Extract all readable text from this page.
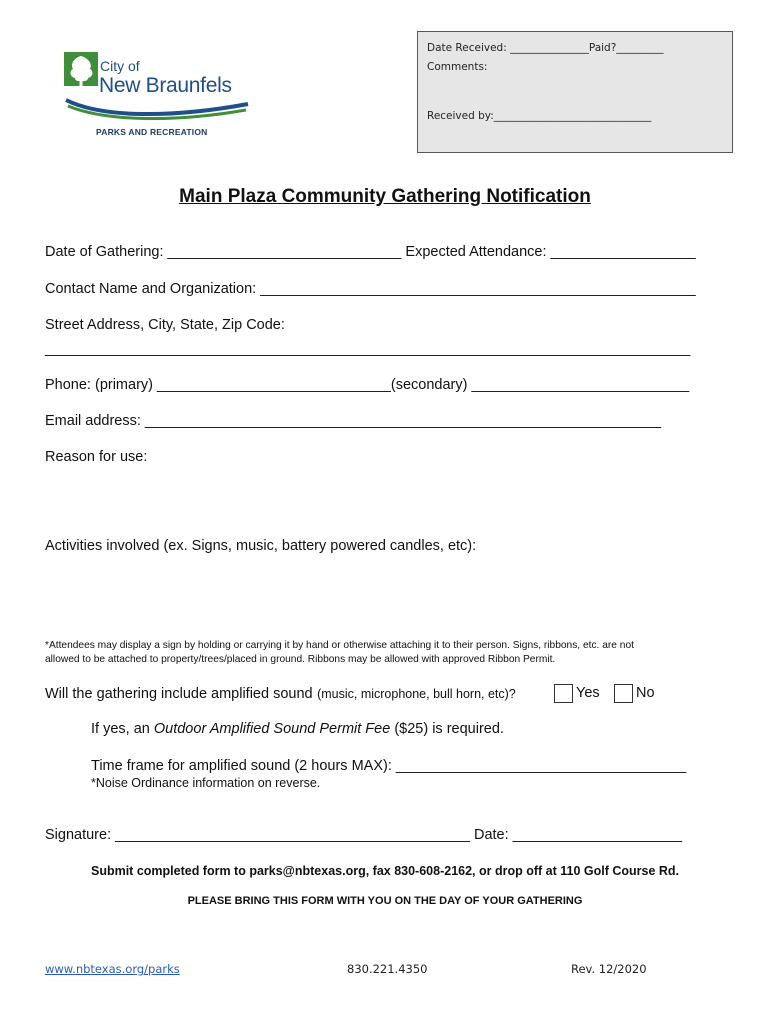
City of
New Braunfels
PARKS AND RECREATION
Date Received: _______________Paid?_________
Comments:
Received by:______________________________
Main Plaza Community Gathering Notification
Date of Gathering: _____________________________ Expected Attendance: __________________
Contact Name and Organization: ______________________________________________________
Street Address, City, State, Zip Code:
________________________________________________________________________________
Phone: (primary) _____________________________(secondary) ___________________________
Email address: ________________________________________________________________
Reason for use:
Activities involved (ex. Signs, music, battery powered candles, etc):
*Attendees may display a sign by holding or carrying it by hand or otherwise attaching it to their person. Signs, ribbons, etc. are not
allowed to be attached to property/trees/placed in ground. Ribbons may be allowed with approved Ribbon Permit.
Will the gathering include amplified sound (music, microphone, bull horn, etc)?	Yes	No
If yes, an Outdoor Amplified Sound Permit Fee ($25) is required.
Time frame for amplified sound (2 hours MAX): ____________________________________
*Noise Ordinance information on reverse.
Signature: ____________________________________________ Date: _____________________
Submit completed form to parks@nbtexas.org, fax 830-608-2162, or drop off at 110 Golf Course Rd.
PLEASE BRING THIS FORM WITH YOU ON THE DAY OF YOUR GATHERING
www.nbtexas.org/parks	830.221.4350	Rev. 12/2020
